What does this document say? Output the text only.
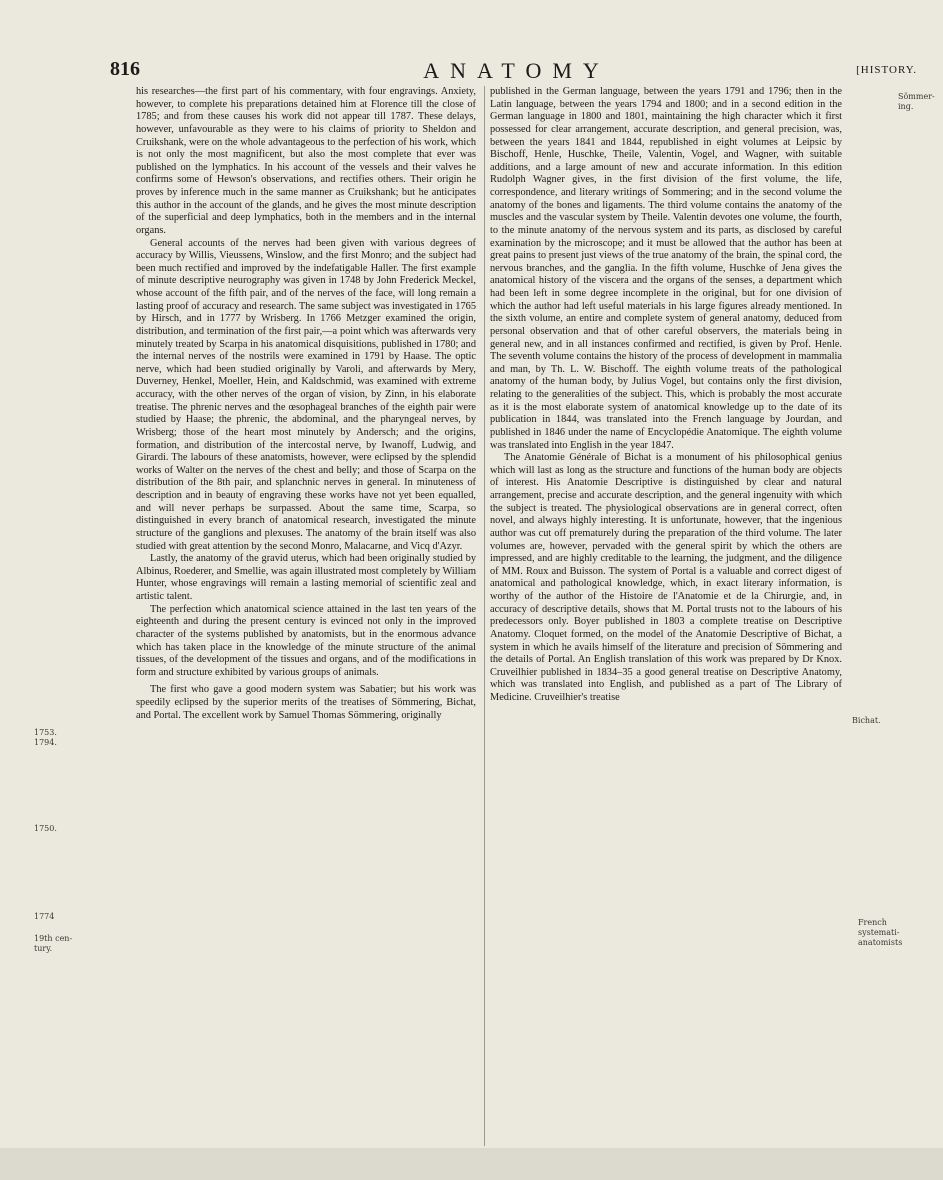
816	ANATOMY	[HISTORY.

his researches—the first part of his commentary, with four engravings. Anxiety, however, to complete his preparations detained him at Florence till the close of 1785; and from these causes his work did not appear till 1787. These delays, however, unfavourable as they were to his claims of priority to Sheldon and Cruikshank, were on the whole advantageous to the perfection of his work, which is not only the most magnificent, but also the most complete that ever was published on the lymphatics. In his account of the vessels and their valves he confirms some of Hewson's observations, and rectifies others. Their origin he proves by inference much in the same manner as Cruikshank; but he anticipates this author in the account of the glands, and he gives the most minute description of the superficial and deep lymphatics, both in the members and in the internal organs.

General accounts of the nerves had been given with various degrees of accuracy by Willis, Vieussens, Winslow, and the first Monro; and the subject had been much rectified and improved by the indefatigable Haller. The first example of minute descriptive neurography was given in 1748 by John Frederick Meckel, whose account of the fifth pair, and of the nerves of the face, will long remain a lasting proof of accuracy and research. The same subject was investigated in 1765 by Hirsch, and in 1777 by Wrisberg. In 1766 Metzger examined the origin, distribution, and termination of the first pair,—a point which was afterwards very minutely treated by Scarpa in his anatomical disquisitions, published in 1780; and the internal nerves of the nostrils were examined in 1791 by Haase. The optic nerve, which had been studied originally by Varoli, and afterwards by Mery, Duverney, Henkel, Moeller, Hein, and Kaldschmid, was examined with extreme accuracy, with the other nerves of the organ of vision, by Zinn, in his elaborate treatise. The phrenic nerves and the œsophageal branches of the eighth pair were studied by Haase; the phrenic, the abdominal, and the pharyngeal nerves, by Wrisberg; those of the heart most minutely by Andersch; and the origins, formation, and distribution of the intercostal nerve, by Iwanoff, Ludwig, and Girardi. The labours of these anatomists, however, were eclipsed by the splendid works of Walter on the nerves of the chest and belly; and those of Scarpa on the distribution of the 8th pair, and splanchnic nerves in general. In minuteness of description and in beauty of engraving these works have not yet been equalled, and will never perhaps be surpassed. About the same time, Scarpa, so distinguished in every branch of anatomical research, investigated the minute structure of the ganglions and plexuses. The anatomy of the brain itself was also studied with great attention by the second Monro, Malacarne, and Vicq d'Azyr.

Lastly, the anatomy of the gravid uterus, which had been originally studied by Albinus, Roederer, and Smellie, was again illustrated most completely by William Hunter, whose engravings will remain a lasting memorial of scientific zeal and artistic talent.

The perfection which anatomical science attained in the last ten years of the eighteenth and during the present century is evinced not only in the improved character of the systems published by anatomists, but in the enormous advance which has taken place in the knowledge of the minute structure of the animal tissues, of the development of the tissues and organs, and of the modifications in form and structure exhibited by various groups of animals.

The first who gave a good modern system was Sabatier; but his work was speedily eclipsed by the superior merits of the treatises of Sömmering, Bichat, and Portal. The excellent work by Samuel Thomas Sömmering, originally

published in the German language, between the years 1791 and 1796; then in the Latin language, between the years 1794 and 1800; and in a second edition in the German language in 1800 and 1801, maintaining the high character which it first possessed for clear arrangement, accurate description, and general precision, was, between the years 1841 and 1844, republished in eight volumes at Leipsic by Bischoff, Henle, Huschke, Theile, Valentin, Vogel, and Wagner, with suitable additions, and a large amount of new and accurate information. In this edition Rudolph Wagner gives, in the first division of the first volume, the life, correspondence, and literary writings of Sommering; and in the second volume the anatomy of the bones and ligaments. The third volume contains the anatomy of the muscles and the vascular system by Theile. Valentin devotes one volume, the fourth, to the minute anatomy of the nervous system and its parts, as disclosed by careful examination by the microscope; and it must be allowed that the author has been at great pains to present just views of the true anatomy of the brain, the spinal cord, the nervous branches, and the ganglia. In the fifth volume, Huschke of Jena gives the anatomical history of the viscera and the organs of the senses, a department which had been left in some degree incomplete in the original, but for one division of which the author had left useful materials in his large figures already mentioned. In the sixth volume, an entire and complete system of general anatomy, deduced from personal observation and that of other careful observers, the materials being in general new, and in all instances confirmed and rectified, is given by Prof. Henle. The seventh volume contains the history of the process of development in mammalia and man, by Th. L. W. Bischoff. The eighth volume treats of the pathological anatomy of the human body, by Julius Vogel, but contains only the first division, relating to the generalities of the subject. This, which is probably the most accurate as it is the most elaborate system of anatomical knowledge up to the date of its publication in 1844, was translated into the French language by Jourdan, and published in 1846 under the name of Encyclopédie Anatomique. The eighth volume was translated into English in the year 1847.

The Anatomie Générale of Bichat is a monument of his philosophical genius which will last as long as the structure and functions of the human body are objects of interest. His Anatomie Descriptive is distinguished by clear and natural arrangement, precise and accurate description, and the general ingenuity with which the subject is treated. The physiological observations are in general correct, often novel, and always highly interesting. It is unfortunate, however, that the ingenious author was cut off prematurely during the preparation of the third volume. The later volumes are, however, pervaded with the general spirit by which the others are impressed, and are highly creditable to the learning, the judgment, and the diligence of MM. Roux and Buisson. The system of Portal is a valuable and correct digest of anatomical and pathological knowledge, which, in exact literary information, is worthy of the author of the Histoire de l'Anatomie et de la Chirurgie, and, in accuracy of descriptive details, shows that M. Portal trusts not to the labours of his predecessors only. Boyer published in 1803 a complete treatise on Descriptive Anatomy. Cloquet formed, on the model of the Anatomie Descriptive of Bichat, a system in which he avails himself of the literature and precision of Sömmering and the details of Portal. An English translation of this work was prepared by Dr Knox. Cruveilhier published in 1834–35 a good general treatise on Descriptive Anatomy, which was translated into English, and published as a part of The Library of Medicine. Cruveilhier's treatise

1753.
1794.
1750.
1774
19th cen-
tury.
Sömmer-
ing.
Bichat.
French
systemati-
anatomists
